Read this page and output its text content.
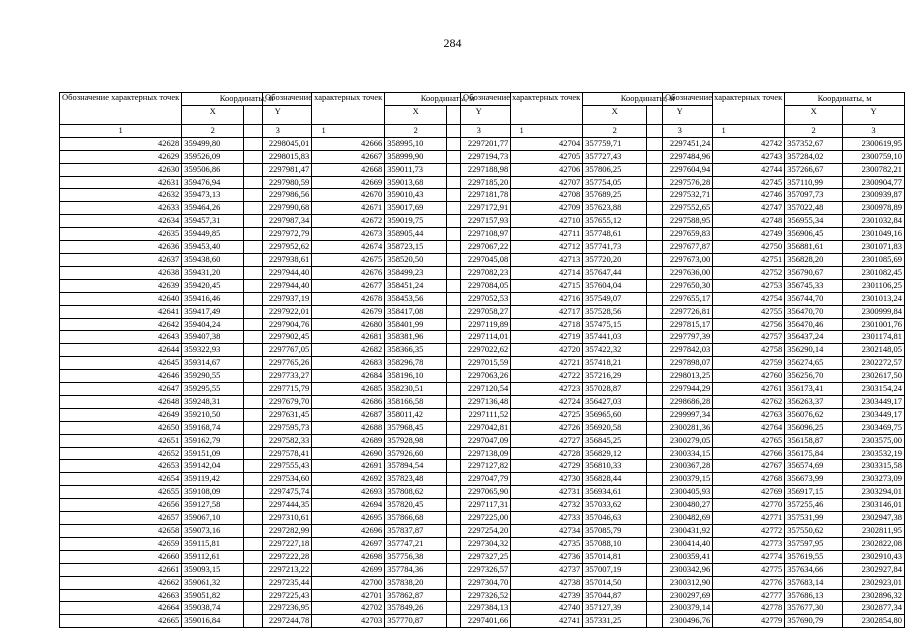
284
Обозначение характерных точек	Координаты, м	
	X	Y
1	2	3
42628	359499,80	2298045,01
42629	359526,09	2298015,83
42630	359506,86	2297981,47
42631	359476,94	2297980,59
42632	359473,13	2297986,56
42633	359464,26	2297990,68
42634	359457,31	2297987,34
42635	359449,85	2297972,79
42636	359453,40	2297952,62
42637	359438,60	2297938,61
42638	359431,20	2297944,40
42639	359420,45	2297944,40
42640	359416,46	2297937,19
42641	359417,49	2297922,01
42642	359404,24	2297904,76
42643	359407,38	2297902,45
42644	359322,93	2297767,05
42645	359314,67	2297765,26
42646	359290,55	2297733,27
42647	359295,55	2297715,79
42648	359248,31	2297679,70
42649	359210,50	2297631,45
42650	359168,74	2297595,73
42651	359162,79	2297582,33
42652	359151,09	2297578,41
42653	359142,04	2297555,43
42654	359119,42	2297534,60
42655	359108,09	2297475,74
42656	359127,58	2297444,35
42657	359067,10	2297310,61
42658	359073,16	2297282,99
42659	359115,81	2297227,18
42660	359112,61	2297222,28
42661	359093,15	2297213,22
42662	359061,32	2297235,44
42663	359051,82	2297225,43
42664	359038,74	2297236,95
42665	359016,84	2297244,78
Обозначение характерных точек	Координаты, м	
	X	Y
1	2	3
42666	358995,10	2297201,77
42667	358999,90	2297194,73
42668	359011,73	2297188,98
42669	359013,68	2297185,20
42670	359010,43	2297181,78
42671	359017,69	2297172,91
42672	359019,75	2297157,93
42673	358905,44	2297108,97
42674	358723,15	2297067,22
42675	358520,50	2297045,08
42676	358499,23	2297082,23
42677	358451,24	2297084,05
42678	358453,56	2297052,53
42679	358417,08	2297058,27
42680	358401,99	2297119,89
42681	358381,96	2297114,01
42682	358366,35	2297022,62
42683	358296,78	2297015,59
42684	358196,10	2297063,26
42685	358230,51	2297120,54
42686	358166,58	2297136,48
42687	358011,42	2297111,52
42688	357968,45	2297042,81
42689	357928,98	2297047,09
42690	357926,60	2297138,09
42691	357894,54	2297127,82
42692	357823,48	2297047,79
42693	357808,62	2297065,90
42694	357820,45	2297117,31
42695	357866,68	2297225,00
42696	357837,87	2297254,20
42697	357747,21	2297304,32
42698	357756,38	2297327,25
42699	357784,36	2297326,57
42700	357838,20	2297304,70
42701	357862,87	2297326,52
42702	357849,26	2297384,13
42703	357770,87	2297401,66
Обозначение характерных точек	Координаты, м	
	X	Y
1	2	3
42704	357759,71	2297451,24
42705	357727,43	2297484,96
42706	357806,25	2297604,94
42707	357754,05	2297576,28
42708	357689,25	2297532,71
42709	357623,88	2297552,65
42710	357655,12	2297588,95
42711	357748,61	2297659,83
42712	357741,73	2297677,87
42713	357720,20	2297673,00
42714	357647,44	2297636,00
42715	357604,04	2297650,30
42716	357549,07	2297655,17
42717	357528,56	2297726,81
42718	357475,15	2297815,17
42719	357441,03	2297797,39
42720	357422,32	2297842,03
42721	357418,21	2297898,07
42722	357216,29	2298013,25
42723	357028,87	2297944,29
42724	356427,03	2298686,28
42725	356965,60	2299997,34
42726	356920,58	2300281,36
42727	356845,25	2300279,05
42728	356829,12	2300334,15
42729	356810,33	2300367,28
42730	356828,44	2300379,15
42731	356934,61	2300405,93
42732	357033,62	2300480,27
42733	357046,63	2300482,69
42734	357085,79	2300431,92
42735	357088,10	2300414,40
42736	357014,81	2300359,41
42737	357007,19	2300342,96
42738	357014,50	2300312,90
42739	357044,87	2300297,69
42740	357127,39	2300379,14
42741	357331,25	2300496,76
Обозначение характерных точек	Координаты, м	
	X	Y
1	2	3
42742	357352,67	2300619,95
42743	357284,02	2300759,10
42744	357266,67	2300782,21
42745	357110,99	2300904,77
42746	357097,73	2300939,87
42747	357022,48	2300978,89
42748	356955,34	2301032,84
42749	356906,45	2301049,16
42750	356881,61	2301071,83
42751	356828,20	2301085,69
42752	356790,67	2301082,45
42753	356745,33	2301106,25
42754	356744,70	2301013,24
42755	356470,70	2300999,84
42756	356470,46	2301001,76
42757	356437,24	2301174,81
42758	356290,14	2302148,05
42759	356274,65	2302272,57
42760	356256,70	2302617,50
42761	356173,41	2303154,24
42762	356263,37	2303449,17
42763	356076,62	2303449,17
42764	356096,25	2303469,75
42765	356158,87	2303575,00
42766	356175,84	2303532,19
42767	356574,69	2303315,58
42768	356673,99	2303273,09
42769	356917,15	2303294,01
42770	357255,46	2303146,01
42771	357531,99	2302947,38
42772	357550,62	2302811,95
42773	357597,95	2302822,08
42774	357619,55	2302910,43
42775	357634,66	2302927,84
42776	357683,14	2302923,01
42777	357686,13	2302896,32
42778	357677,30	2302877,34
42779	357690,79	2302854,80
